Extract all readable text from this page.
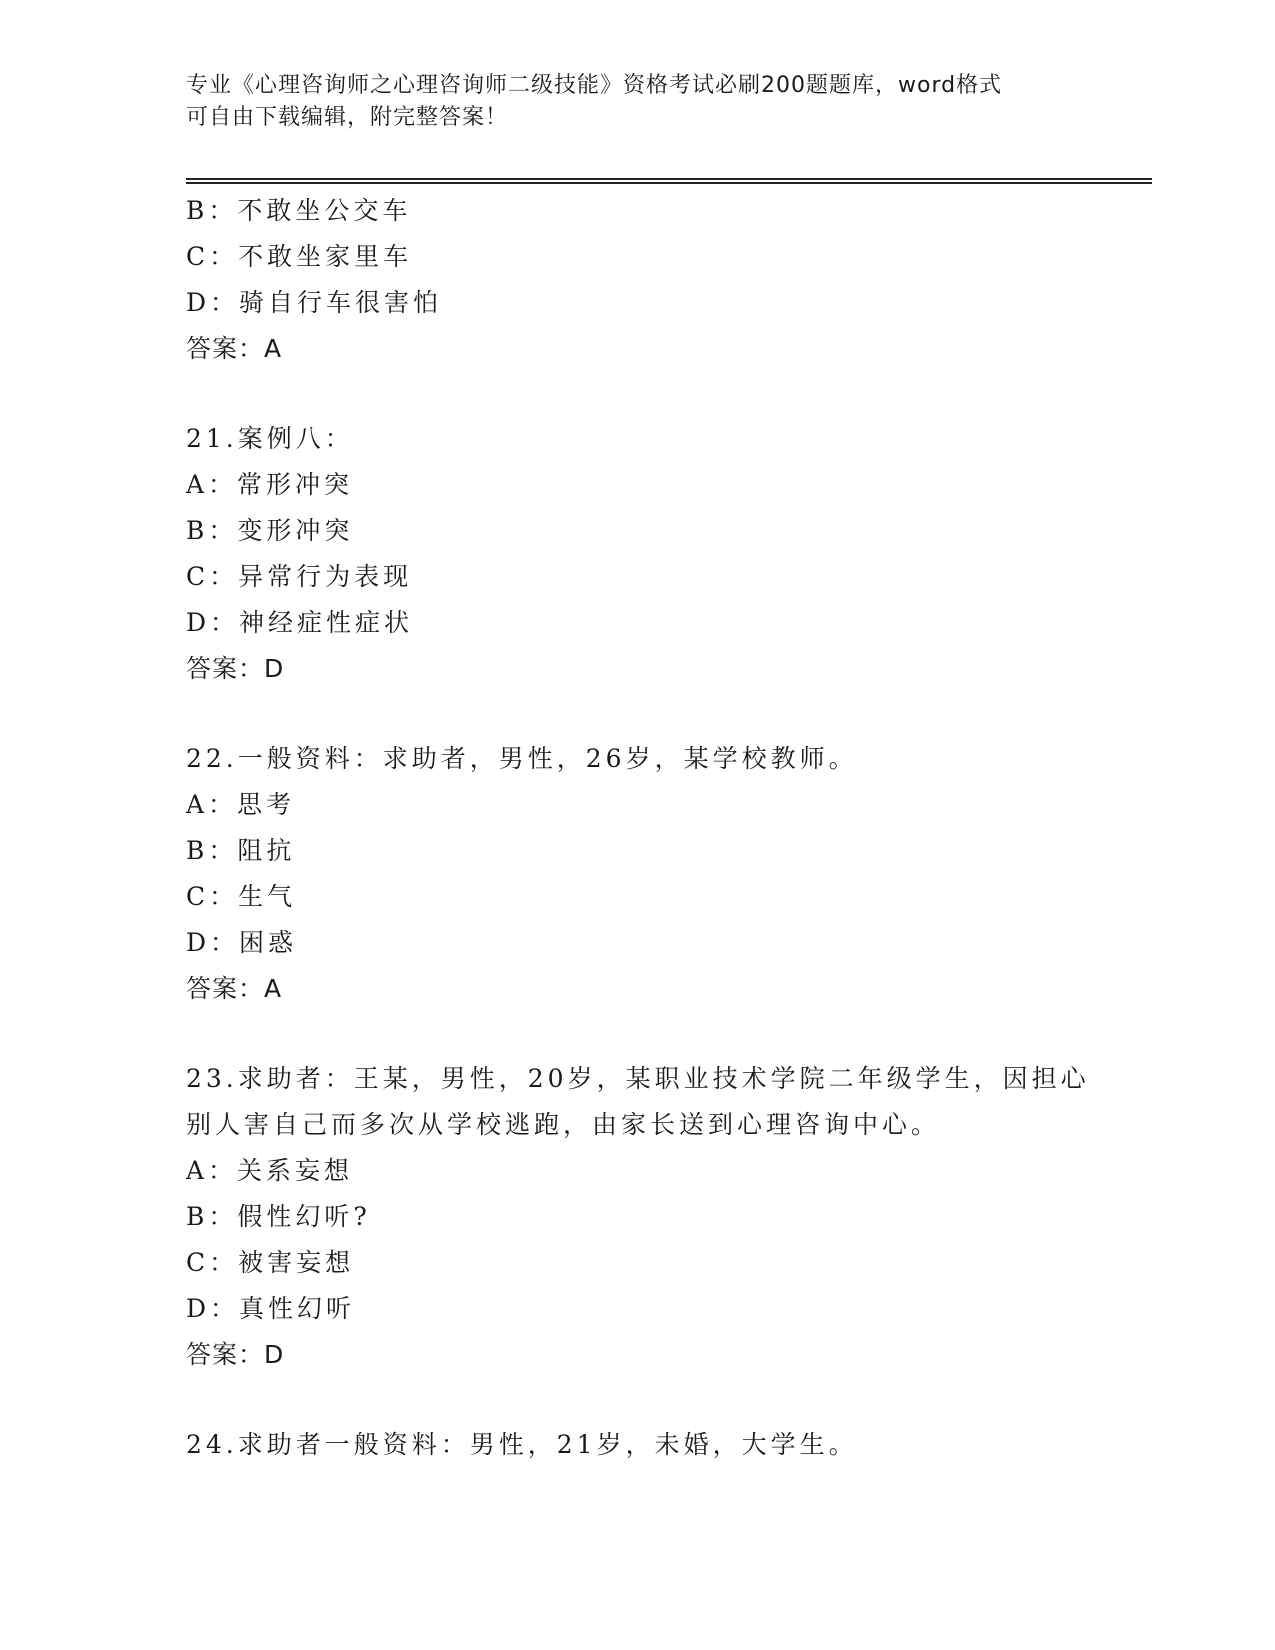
专业《心理咨询师之心理咨询师二级技能》资格考试必刷200题题库，word格式
可自由下载编辑，附完整答案！
B：不敢坐公交车
C：不敢坐家里车
D：骑自行车很害怕
答案：A
21.案例八：
A：常形冲突
B：变形冲突
C：异常行为表现
D：神经症性症状
答案：D
22.一般资料：求助者，男性，26岁，某学校教师。
A：思考
B：阻抗
C：生气
D：困惑
答案：A
23.求助者：王某，男性，20岁，某职业技术学院二年级学生，因担心
别人害自己而多次从学校逃跑，由家长送到心理咨询中心。
A：关系妄想
B：假性幻听?
C：被害妄想
D：真性幻听
答案：D
24.求助者一般资料：男性，21岁，未婚，大学生。
